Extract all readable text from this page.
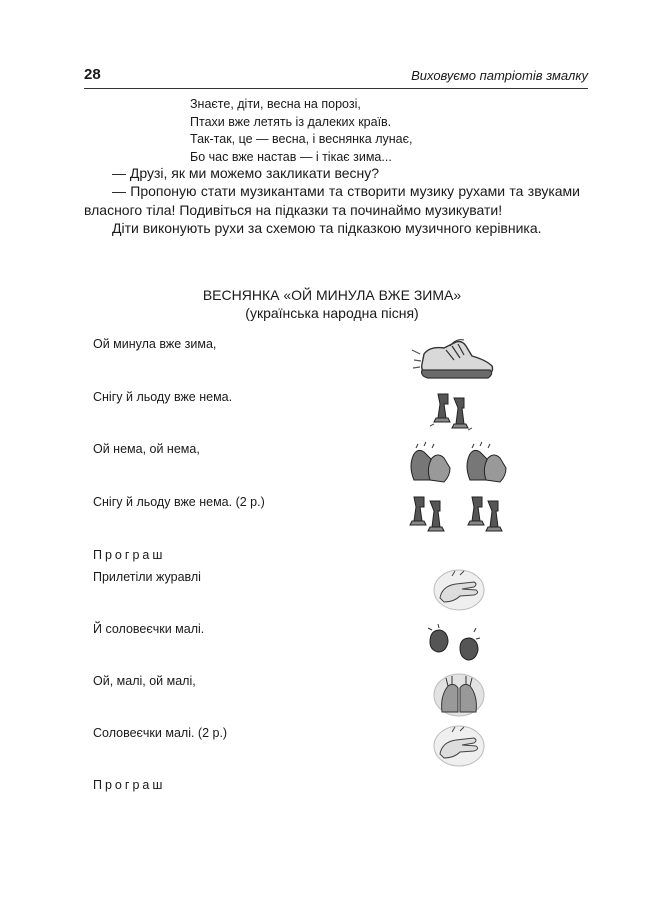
28	Виховуємо патріотів змалку
Знаєте, діти, весна на порозі,
Птахи вже летять із далеких країв.
Так-так, це — весна, і веснянка лунає,
Бо час вже настав — і тікає зима...

— Друзі, як ми можемо закликати весну?

— Пропоную стати музикантами та створити музику рухами та звуками власного тіла! Подивіться на підказки та починаймо музикувати!

Діти виконують рухи за схемою та підказкою музичного керівника.

ВЕСНЯНКА «ОЙ МИНУЛА ВЖЕ ЗИМА»
(українська народна пісня)
Ой минула вже зима,
Снігу й льоду вже нема.
Ой нема, ой нема,
Снігу й льоду вже нема. (2 р.)
Програш
Прилетіли журавлі
Й соловеєчки малі.
Ой, малі, ой малі,
Соловеєчки малі. (2 р.)
Програш
